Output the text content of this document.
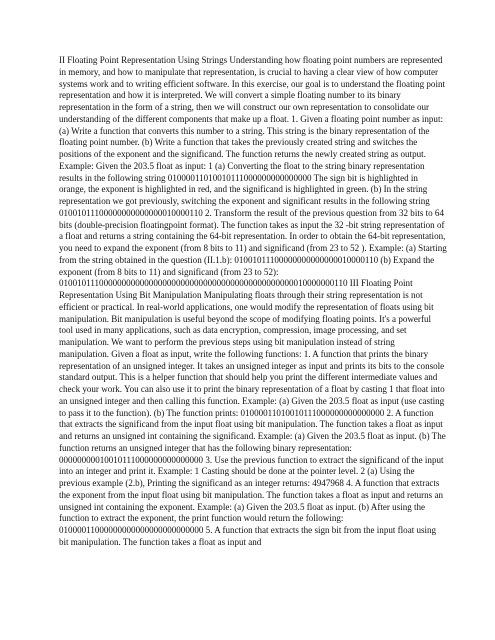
II Floating Point Representation Using Strings Understanding how floating point numbers are represented in memory, and how to manipulate that representation, is crucial to having a clear view of how computer systems work and to writing efficient software. In this exercise, our goal is to understand the floating point representation and how it is interpreted. We will convert a simple floating number to its binary representation in the form of a string, then we will construct our own representation to consolidate our understanding of the different components that make up a float. 1. Given a floating point number as input: (a) Write a function that converts this number to a string. This string is the binary representation of the floating point number. (b) Write a function that takes the previously created string and switches the positions of the exponent and the significand. The function returns the newly created string as output. Example: Given the 203.5 float as input: 1 (a) Converting the float to the string binary representation results in the following string 01000011010010111000000000000000 The sign bit is highlighted in orange, the exponent is highlighted in red, and the significand is highlighted in green. (b) In the string representation we got previously, switching the exponent and significant results in the following string 01001011100000000000000010000110 2. Transform the result of the previous question from 32 bits to 64 bits (double-precision floatingpoint format). The function takes as input the 32 -bit string representation of a float and returns a string containing the 64-bit representation. In order to obtain the 64-bit representation, you need to expand the exponent (from 8 bits to 11) and significand (from 23 to 52 ). Example: (a) Starting from the string obtained in the question (II.1.b): 01001011100000000000000010000110 (b) Expand the exponent (from 8 bits to 11) and significand (from 23 to 52): 0100101110000000000000000000000000000000000000000000010000000110 III Floating Point Representation Using Bit Manipulation Manipulating floats through their string representation is not efficient or practical. In real-world applications, one would modify the representation of floats using bit manipulation. Bit manipulation is useful beyond the scope of modifying floating points. It's a powerful tool used in many applications, such as data encryption, compression, image processing, and set manipulation. We want to perform the previous steps using bit manipulation instead of string manipulation. Given a float as input, write the following functions: 1. A function that prints the binary representation of an unsigned integer. It takes an unsigned integer as input and prints its bits to the console standard output. This is a helper function that should help you print the different intermediate values and check your work. You can also use it to print the binary representation of a float by casting 1 that float into an unsigned integer and then calling this function. Example: (a) Given the 203.5 float as input (use casting to pass it to the function). (b) The function prints: 01000011010010111000000000000000 2. A function that extracts the significand from the input float using bit manipulation. The function takes a float as input and returns an unsigned int containing the significand. Example: (a) Given the 203.5 float as input. (b) The function returns an unsigned integer that has the following binary representation: 00000000010010111000000000000000 3. Use the previous function to extract the significand of the input into an integer and print it. Example: 1 Casting should be done at the pointer level. 2 (a) Using the previous example (2.b), Printing the significand as an integer returns: 4947968 4. A function that extracts the exponent from the input float using bit manipulation. The function takes a float as input and returns an unsigned int containing the exponent. Example: (a) Given the 203.5 float as input. (b) After using the function to extract the exponent, the print function would return the following: 01000011000000000000000000000000 5. A function that extracts the sign bit from the input float using bit manipulation. The function takes a float as input and
